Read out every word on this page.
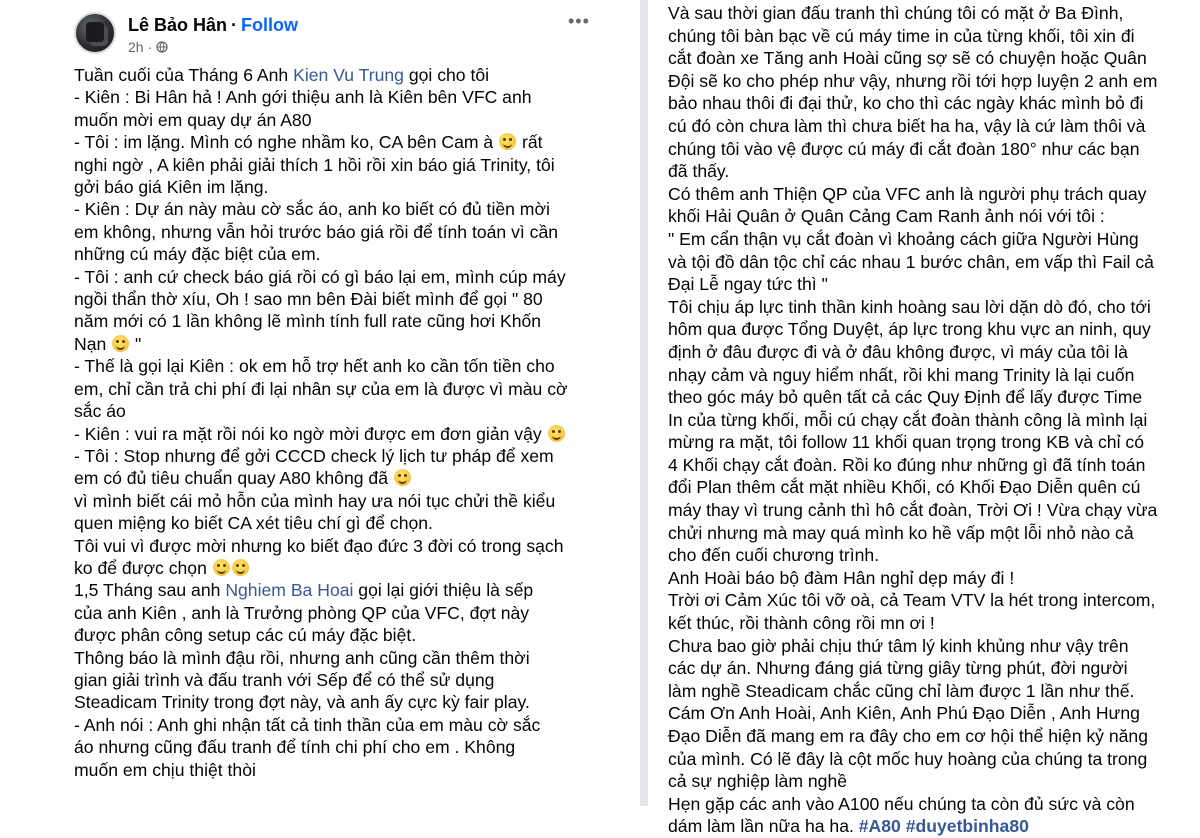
Lê Bảo Hân · Follow
2h ·
•••
Tuần cuối của Tháng 6 Anh Kien Vu Trung gọi cho tôi
- Kiên : Bi Hân hả ! Anh gới thiệu anh là Kiên bên VFC anh
muốn mời em quay dự án A80
- Tôi : im lặng. Mình có nghe nhầm ko, CA bên Cam à  rất
nghi ngờ , A kiên phải giải thích 1 hồi rồi xin báo giá Trinity, tôi
gởi báo giá Kiên im lặng.
- Kiên : Dự án này màu cờ sắc áo, anh ko biết có đủ tiền mời
em không, nhưng vẫn hỏi trước báo giá rồi để tính toán vì cần
những cú máy đặc biệt của em.
- Tôi : anh cứ check báo giá rồi có gì báo lại em, mình cúp máy
ngồi thẩn thờ xíu, Oh ! sao mn bên Đài biết mình để gọi " 80
năm mới có 1 lần không lẽ mình tính full rate cũng hơi Khốn
Nạn  "
- Thế là gọi lại Kiên : ok em hỗ trợ hết anh ko cần tốn tiền cho
em, chỉ cần trả chi phí đi lại nhân sự của em là được vì màu cờ
sắc áo
- Kiên : vui ra mặt rồi nói ko ngờ mời được em đơn giản vậy
- Tôi : Stop nhưng để gởi CCCD check lý lịch tư pháp để xem
em có đủ tiêu chuẩn quay A80 không đã
vì mình biết cái mỏ hỗn của mình hay ưa nói tục chửi thề kiểu
quen miệng ko biết CA xét tiêu chí gì để chọn.
Tôi vui vì được mời nhưng ko biết đạo đức 3 đời có trong sạch
ko để được chọn
1,5 Tháng sau anh Nghiem Ba Hoai gọi lại giới thiệu là sếp
của anh Kiên , anh là Trưởng phòng QP của VFC, đợt này
được phân công setup các cú máy đặc biệt.
Thông báo là mình đậu rồi, nhưng anh cũng cần thêm thời
gian giải trình và đấu tranh với Sếp để có thể sử dụng
Steadicam Trinity trong đợt này, và anh ấy cực kỳ fair play.
- Anh nói : Anh ghi nhận tất cả tinh thần của em màu cờ sắc
áo nhưng cũng đấu tranh để tính chi phí cho em . Không
muốn em chịu thiệt thòi
Và sau thời gian đấu tranh thì chúng tôi có mặt ở Ba Đình,
chúng tôi bàn bạc về cú máy time in của từng khối, tôi xin đi
cắt đoàn xe Tăng anh Hoài cũng sợ sẽ có chuyện hoặc Quân
Đội sẽ ko cho phép như vậy, nhưng rồi tới hợp luyện 2 anh em
bảo nhau thôi đi đại thử, ko cho thì các ngày khác mình bỏ đi
cú đó còn chưa làm thì chưa biết ha ha, vậy là cứ làm thôi và
chúng tôi vào vệ được cú máy đi cắt đoàn 180° như các bạn
đã thấy.
Có thêm anh Thiện QP của VFC anh là người phụ trách quay
khối Hải Quân ở Quân Cảng Cam Ranh ảnh nói với tôi :
" Em cẩn thận vụ cắt đoàn vì khoảng cách giữa Người Hùng
và tội đồ dân tộc chỉ các nhau 1 bước chân, em vấp thì Fail cả
Đại Lễ ngay tức thì "
Tôi chịu áp lực tinh thần kinh hoàng sau lời dặn dò đó, cho tới
hôm qua được Tổng Duyệt, áp lực trong khu vực an ninh, quy
định ở đâu được đi và ở đâu không được, vì máy của tôi là
nhạy cảm và nguy hiểm nhất, rồi khi mang Trinity là lại cuốn
theo góc máy bỏ quên tất cả các Quy Định để lấy được Time
In của từng khối, mỗi cú chạy cắt đoàn thành công là mình lại
mừng ra mặt, tôi follow 11 khối quan trọng trong KB và chỉ có
4 Khối chạy cắt đoàn. Rồi ko đúng như những gì đã tính toán
đổi Plan thêm cắt mặt nhiều Khối, có Khối Đạo Diễn quên cú
máy thay vì trung cảnh thì hô cắt đoàn, Trời Ơi ! Vừa chạy vừa
chửi nhưng mà may quá mình ko hề vấp một lỗi nhỏ nào cả
cho đến cuối chương trình.
Anh Hoài báo bộ đàm Hân nghỉ dẹp máy đi !
Trời ơi Cảm Xúc tôi vỡ oà, cả Team VTV la hét trong intercom,
kết thúc, rồi thành công rồi mn ơi !
Chưa bao giờ phải chịu thứ tâm lý kinh khủng như vậy trên
các dự án. Nhưng đáng giá từng giây từng phút, đời người
làm nghề Steadicam chắc cũng chỉ làm được 1 lần như thế.
Cám Ơn Anh Hoài, Anh Kiên, Anh Phú Đạo Diễn , Anh Hưng
Đạo Diễn đã mang em ra đây cho em cơ hội thể hiện kỷ năng
của mình. Có lẽ đây là cột mốc huy hoàng của chúng ta trong
cả sự nghiệp làm nghề
Hẹn gặp các anh vào A100 nếu chúng ta còn đủ sức và còn
dám làm lần nữa ha ha. #A80 #duyetbinha80
